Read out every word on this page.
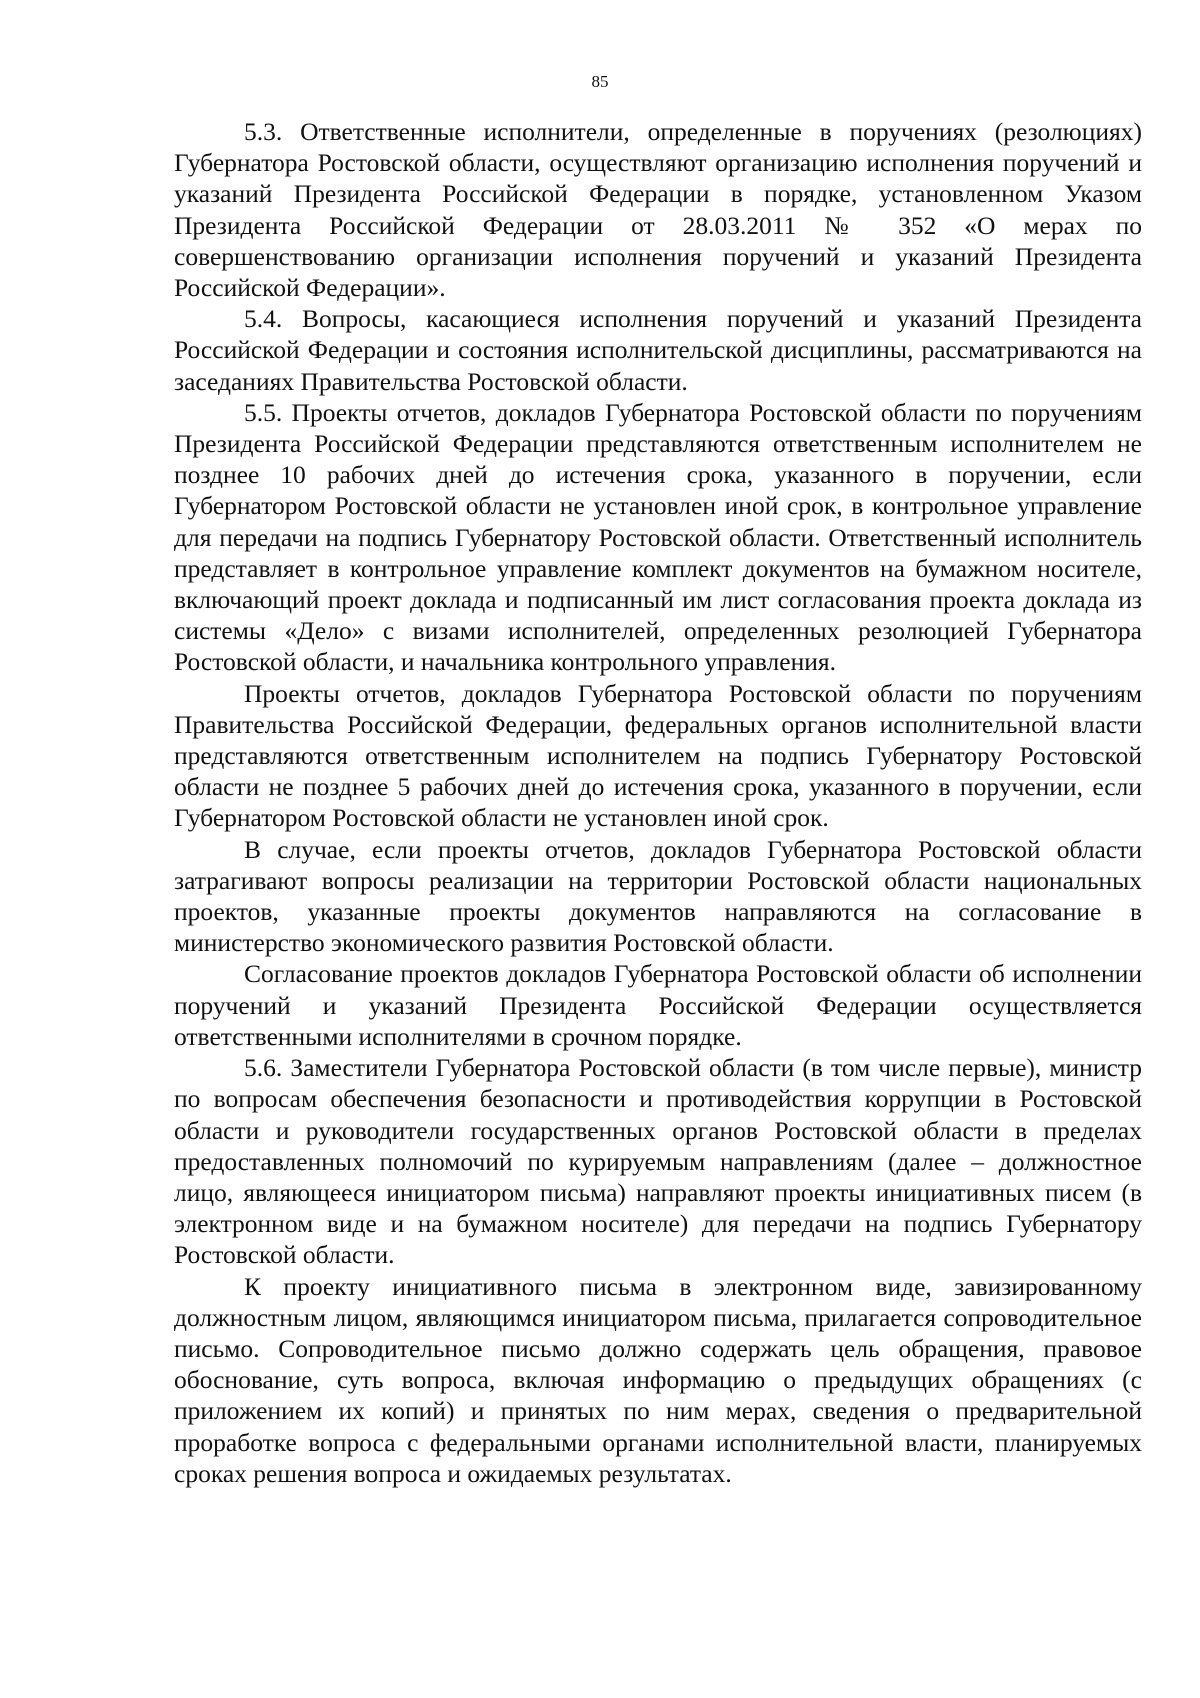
85

5.3. Ответственные исполнители, определенные в поручениях (резолюциях) Губернатора Ростовской области, осуществляют организацию исполнения поручений и указаний Президента Российской Федерации в порядке, установленном Указом Президента Российской Федерации от 28.03.2011 № 352 «О мерах по совершенствованию организации исполнения поручений и указаний Президента Российской Федерации».

5.4. Вопросы, касающиеся исполнения поручений и указаний Президента Российской Федерации и состояния исполнительской дисциплины, рассматриваются на заседаниях Правительства Ростовской области.

5.5. Проекты отчетов, докладов Губернатора Ростовской области по поручениям Президента Российской Федерации представляются ответственным исполнителем не позднее 10 рабочих дней до истечения срока, указанного в поручении, если Губернатором Ростовской области не установлен иной срок, в контрольное управление для передачи на подпись Губернатору Ростовской области. Ответственный исполнитель представляет в контрольное управление комплект документов на бумажном носителе, включающий проект доклада и подписанный им лист согласования проекта доклада из системы «Дело» с визами исполнителей, определенных резолюцией Губернатора Ростовской области, и начальника контрольного управления.

Проекты отчетов, докладов Губернатора Ростовской области по поручениям Правительства Российской Федерации, федеральных органов исполнительной власти представляются ответственным исполнителем на подпись Губернатору Ростовской области не позднее 5 рабочих дней до истечения срока, указанного в поручении, если Губернатором Ростовской области не установлен иной срок.

В случае, если проекты отчетов, докладов Губернатора Ростовской области затрагивают вопросы реализации на территории Ростовской области национальных проектов, указанные проекты документов направляются на согласование в министерство экономического развития Ростовской области.

Согласование проектов докладов Губернатора Ростовской области об исполнении поручений и указаний Президента Российской Федерации осуществляется ответственными исполнителями в срочном порядке.

5.6. Заместители Губернатора Ростовской области (в том числе первые), министр по вопросам обеспечения безопасности и противодействия коррупции в Ростовской области и руководители государственных органов Ростовской области в пределах предоставленных полномочий по курируемым направлениям (далее – должностное лицо, являющееся инициатором письма) направляют проекты инициативных писем (в электронном виде и на бумажном носителе) для передачи на подпись Губернатору Ростовской области.

К проекту инициативного письма в электронном виде, завизированному должностным лицом, являющимся инициатором письма, прилагается сопроводительное письмо. Сопроводительное письмо должно содержать цель обращения, правовое обоснование, суть вопроса, включая информацию о предыдущих обращениях (с приложением их копий) и принятых по ним мерах, сведения о предварительной проработке вопроса с федеральными органами исполнительной власти, планируемых сроках решения вопроса и ожидаемых результатах.
